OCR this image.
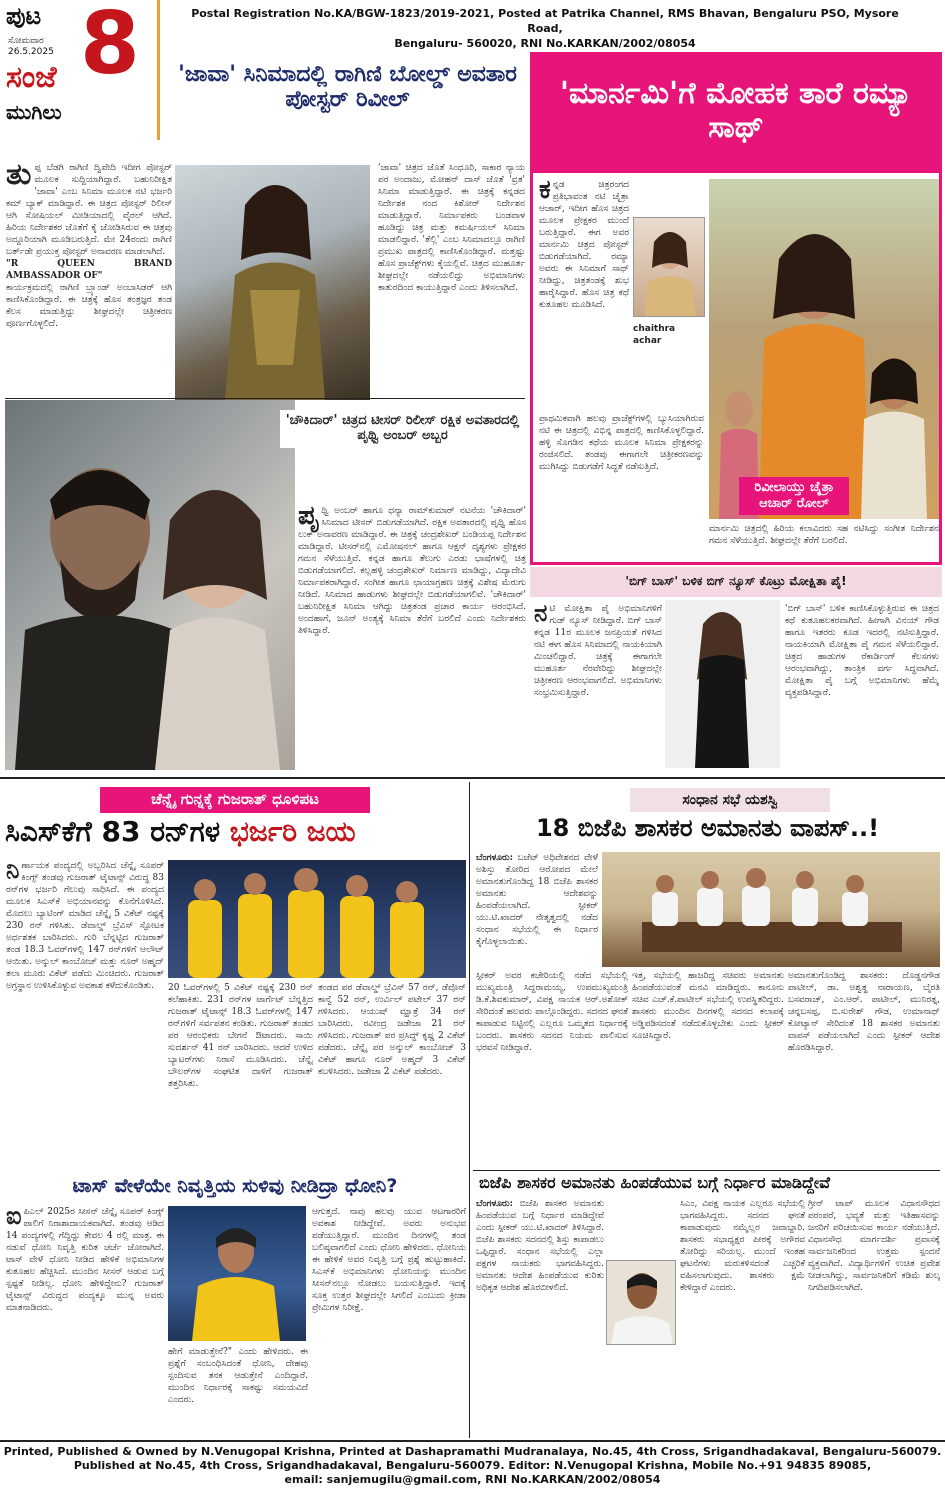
ಪುಟ 8
ಸೋಮವಾರ
26.5.2025
ಸಂಜೆ
ಮುಗಿಲು
Postal Registration No.KA/BGW-1823/2019-2021, Posted at Patrika Channel, RMS Bhavan, Bengaluru PSO, Mysore Road,
Bengaluru- 560020, RNI No.KARKAN/2002/08054
'ಜಾವಾ' ಸಿನಿಮಾದಲ್ಲಿ ರಾಗಿಣಿ ಬೋಲ್ಡ್ ಅವತಾರ ಪೋಸ್ಟರ್ ರಿವೀಲ್
ತು ಪ್ಪ ಬೆಡಗಿ ರಾಗಿಣಿ ದ್ವಿವೇದಿ ಇದೀಗ ಪೋಸ್ಟರ್ ಮೂಲಕ ಸುದ್ದಿಯಾಗಿದ್ದಾರೆ. ಬಹುನಿರೀಕ್ಷಿತ 'ಜಾವಾ' ಎಂಬ ಸಿನಿಮಾ ಮೂಲಕ ನಟಿ ಭರ್ಜರಿ ಕಮ್ ಬ್ಯಾಕ್ ಮಾಡಿದ್ದಾರೆ. ಈ ಚಿತ್ರದ ಪೋಸ್ಟರ್ ರಿಲೀಸ್ ಆಗಿ ಸೋಷಿಯಲ್ ಮೀಡಿಯಾದಲ್ಲಿ ವೈರಲ್ ಆಗಿದೆ. ಹಿರಿಯ ನಿರ್ದೇಶಕರ ಜೊತೆಗೆ ಕೈ ಜೋಡಿಸಿರುವ ಈ ಚಿತ್ರವು ಅದ್ದೂರಿಯಾಗಿ ಮೂಡಿಬರುತ್ತಿದೆ. ಮೇ 24ರಂದು ರಾಗಿಣಿ ಬರ್ತ್‌ಡೇ ಪ್ರಯುಕ್ತ ಪೋಸ್ಟರ್ ಅನಾವರಣ ಮಾಡಲಾಗಿದೆ.
"R QUEEN BRAND AMBASSADOR OF"
ಕಾರ್ಯಕ್ರಮದಲ್ಲಿ ರಾಗಿಣಿ ಬ್ರ್ಯಾಂಡ್ ಅಂಬಾಸಿಡರ್ ಆಗಿ ಕಾಣಿಸಿಕೊಂಡಿದ್ದಾರೆ. ಈ ಚಿತ್ರಕ್ಕೆ ಹೊಸ ತಂತ್ರಜ್ಞರ ತಂಡ ಕೆಲಸ ಮಾಡುತ್ತಿದ್ದು ಶೀಘ್ರದಲ್ಲೇ ಚಿತ್ರೀಕರಣ ಪೂರ್ಣಗೊಳ್ಳಲಿದೆ.
'ಜಾವಾ' ಚಿತ್ರದ ಜೊತೆ ಸಿಂಧೂರಿ, ಸಾಕಾರ ನ್ಯಾಯ ಪರ ಅಂದಾಜು, ಮೋಹನ್ ದಾಸ್ ಜೊತೆ 'ವ್ರತ' ಸಿನಿಮಾ ಮಾಡುತ್ತಿದ್ದಾರೆ. ಈ ಚಿತ್ರಕ್ಕೆ ಕನ್ನಡದ ನಿರ್ದೇಶಕ ನಂದ ಕಿಶೋರ್ ನಿರ್ದೇಶನ ಮಾಡುತ್ತಿದ್ದಾರೆ. ನಿರ್ಮಾಪಕರು ಬಂಡವಾಳ ಹೂಡಿದ್ದು ಚಿತ್ರ ಮತ್ತು ಕಮರ್ಷಿಯಲ್ ಸಿನಿಮಾ ಮಾಡಲಿದ್ದಾರೆ. 'ತೆಲ್ಲಿ' ಎಂಬ ಸಿನಿಮಾದಲ್ಲೂ ರಾಗಿಣಿ ಪ್ರಮುಖ ಪಾತ್ರದಲ್ಲಿ ಕಾಣಿಸಿಕೊಂಡಿದ್ದಾರೆ. ಮತ್ತಷ್ಟು ಹೊಸ ಪ್ರಾಜೆಕ್ಟ್‌ಗಳು ಕೈಯಲ್ಲಿವೆ. ಚಿತ್ರದ ಮುಹೂರ್ತ ಶೀಘ್ರದಲ್ಲೇ ನಡೆಯಲಿದ್ದು ಅಭಿಮಾನಿಗಳು ಕಾತುರದಿಂದ ಕಾಯುತ್ತಿದ್ದಾರೆ ಎಂದು ತಿಳಿಸಲಾಗಿದೆ.
'ಮಾರ್ನಮಿ'ಗೆ ಮೋಹಕ ತಾರೆ ರಮ್ಯಾ ಸಾಥ್
ಕ ನ್ನಡ ಚಿತ್ರರಂಗದ ಪ್ರತಿಭಾವಂತ ನಟಿ ಚೈತ್ರಾ ಆಚಾರ್, ಇದೀಗ ಹೊಸ ಚಿತ್ರದ ಮೂಲಕ ಪ್ರೇಕ್ಷಕರ ಮುಂದೆ ಬರುತ್ತಿದ್ದಾರೆ. ಈಗ ಅವರ ಮಾರ್ನಮಿ ಚಿತ್ರದ ಪೋಸ್ಟರ್ ಬಿಡುಗಡೆಯಾಗಿದೆ. ರಮ್ಯಾ ಅವರು ಈ ಸಿನಿಮಾಗೆ ಸಾಥ್ ನೀಡಿದ್ದು, ಚಿತ್ರತಂಡಕ್ಕೆ ಶುಭ ಹಾರೈಸಿದ್ದಾರೆ. ಹೊಸ ಚಿತ್ರ ಕಥೆ ಕುತೂಹಲ ಮೂಡಿಸಿದೆ.
ರಿವೀಲಾಯ್ತು ಚೈತ್ರಾ ಆಚಾರ್ ರೋಲ್
chaithra achar
ಪ್ರಾಥಮಿಕವಾಗಿ ಹಲವು ಪ್ರಾಜೆಕ್ಟ್‌ಗಳಲ್ಲಿ ಬ್ಯುಸಿಯಾಗಿರುವ ನಟಿ ಈ ಚಿತ್ರದಲ್ಲಿ ವಿಭಿನ್ನ ಪಾತ್ರದಲ್ಲಿ ಕಾಣಿಸಿಕೊಳ್ಳಲಿದ್ದಾರೆ. ಹಳ್ಳಿ ಸೊಗಡಿನ ಕಥೆಯ ಮೂಲಕ ಸಿನಿಮಾ ಪ್ರೇಕ್ಷಕರನ್ನು ರಂಜಿಸಲಿದೆ. ತಂಡವು ಈಗಾಗಲೇ ಚಿತ್ರೀಕರಣವನ್ನು ಮುಗಿಸಿದ್ದು ಬಿಡುಗಡೆಗೆ ಸಿದ್ಧತೆ ನಡೆಸುತ್ತಿದೆ.
ಮಾರ್ನಮಿ ಚಿತ್ರದಲ್ಲಿ ಹಿರಿಯ ಕಲಾವಿದರು ಸಹ ನಟಿಸಿದ್ದು ಸಂಗೀತ ನಿರ್ದೇಶನ ಗಮನ ಸೆಳೆಯುತ್ತಿದೆ. ಶೀಘ್ರದಲ್ಲೇ ತೆರೆಗೆ ಬರಲಿದೆ.
'ಚೌಕಿದಾರ್' ಚಿತ್ರದ ಟೀಸರ್ ರಿಲೀಸ್ ರಕ್ಷಿಕ ಅವತಾರದಲ್ಲಿ ಪೃಥ್ವಿ ಅಂಬರ್ ಅಬ್ಬರ
ಪೃ ಥ್ವಿ ಅಂಬರ್ ಹಾಗೂ ಧನ್ಯಾ ರಾಮ್‌ಕುಮಾರ್ ನಟನೆಯ 'ಚೌಕಿದಾರ್' ಸಿನಿಮಾದ ಟೀಸರ್ ಬಿಡುಗಡೆಯಾಗಿದೆ. ರಕ್ಷಿಕ ಅವತಾರದಲ್ಲಿ ಪೃಥ್ವಿ ಹೊಸ ಲುಕ್ ಅನಾವರಣ ಮಾಡಿದ್ದಾರೆ. ಈ ಚಿತ್ರಕ್ಕೆ ಚಂದ್ರಶೇಖರ್ ಬಂಡಿಯಪ್ಪ ನಿರ್ದೇಶನ ಮಾಡಿದ್ದಾರೆ. ಟೀಸರ್‌ನಲ್ಲಿ ಎಮೋಷನಲ್ ಹಾಗೂ ಆಕ್ಷನ್ ದೃಶ್ಯಗಳು ಪ್ರೇಕ್ಷಕರ ಗಮನ ಸೆಳೆಯುತ್ತಿವೆ. ಕನ್ನಡ ಹಾಗೂ ತೆಲುಗು ಎರಡು ಭಾಷೆಗಳಲ್ಲಿ ಚಿತ್ರ ಬಿಡುಗಡೆಯಾಗಲಿದೆ. ಕಲ್ಲಹಳ್ಳಿ ಚಂದ್ರಶೇಖರ್ ನಿರ್ಮಾಣ ಮಾಡಿದ್ದು, ವಿದ್ಯಾದೇವಿ ನಿರ್ಮಾಪಕರಾಗಿದ್ದಾರೆ. ಸಂಗೀತ ಹಾಗೂ ಛಾಯಾಗ್ರಹಣ ಚಿತ್ರಕ್ಕೆ ವಿಶೇಷ ಮೆರುಗು ನೀಡಿದೆ. ಸಿನಿಮಾದ ಹಾಡುಗಳು ಶೀಘ್ರದಲ್ಲೇ ಬಿಡುಗಡೆಯಾಗಲಿವೆ. 'ಚೌಕಿದಾರ್' ಬಹುನಿರೀಕ್ಷಿತ ಸಿನಿಮಾ ಆಗಿದ್ದು ಚಿತ್ರತಂಡ ಪ್ರಚಾರ ಕಾರ್ಯ ಆರಂಭಿಸಿದೆ. ಅಂದಹಾಗೆ, ಜೂನ್ ಅಂತ್ಯಕ್ಕೆ ಸಿನಿಮಾ ತೆರೆಗೆ ಬರಲಿದೆ ಎಂದು ನಿರ್ದೇಶಕರು ತಿಳಿಸಿದ್ದಾರೆ.
'ಬಿಗ್ ಬಾಸ್' ಬಳಿಕ ಬಿಗ್ ನ್ಯೂಸ್ ಕೊಟ್ರು ಮೋಕ್ಷಿತಾ ಪೈ!
ನ ಟಿ ಮೋಕ್ಷಿತಾ ಪೈ ಅಭಿಮಾನಿಗಳಿಗೆ ಗುಡ್ ನ್ಯೂಸ್ ನೀಡಿದ್ದಾರೆ. ಬಿಗ್ ಬಾಸ್ ಕನ್ನಡ 11ರ ಮೂಲಕ ಜನಪ್ರಿಯತೆ ಗಳಿಸಿದ ನಟಿ ಈಗ ಹೊಸ ಸಿನಿಮಾದಲ್ಲಿ ನಾಯಕಿಯಾಗಿ ಮಿಂಚಲಿದ್ದಾರೆ. ಚಿತ್ರಕ್ಕೆ ಈಗಾಗಲೇ ಮುಹೂರ್ತ ನೆರವೇರಿದ್ದು ಶೀಘ್ರದಲ್ಲೇ ಚಿತ್ರೀಕರಣ ಆರಂಭವಾಗಲಿದೆ. ಅಭಿಮಾನಿಗಳು ಸಂಭ್ರಮಿಸುತ್ತಿದ್ದಾರೆ.
'ಬಿಗ್ ಬಾಸ್' ಬಳಿಕ ಕಾಣಿಸಿಕೊಳ್ಳುತ್ತಿರುವ ಈ ಚಿತ್ರದ ಕಥೆ ಕುತೂಹಲಕರವಾಗಿದೆ. ಹೀಗಾಗಿ ವಿನಯ್ ಗೌಡ ಹಾಗೂ ಇತರರು ಕೂಡ ಇದರಲ್ಲಿ ನಟಿಸುತ್ತಿದ್ದಾರೆ. ನಾಯಕಿಯಾಗಿ ಮೋಕ್ಷಿತಾ ಪೈ ಗಮನ ಸೆಳೆಯಲಿದ್ದಾರೆ. ಚಿತ್ರದ ಹಾಡುಗಳ ರೆಕಾರ್ಡಿಂಗ್ ಕೆಲಸಗಳು ಆರಂಭವಾಗಿದ್ದು, ತಾಂತ್ರಿಕ ವರ್ಗ ಸಿದ್ಧವಾಗಿದೆ. ಮೋಕ್ಷಿತಾ ಪೈ ಬಗ್ಗೆ ಅಭಿಮಾನಿಗಳು ಹೆಮ್ಮೆ ವ್ಯಕ್ತಪಡಿಸಿದ್ದಾರೆ.
ಚೆನ್ನೈ ಗುನ್ನಕ್ಕೆ ಗುಜರಾತ್ ಧೂಳಿಪಟ
ಸಿಎಸ್‌ಕೆಗೆ 83 ರನ್‌ಗಳ ಭರ್ಜರಿ ಜಯ
ನಿ ರ್ಣಾಯಕ ಪಂದ್ಯದಲ್ಲಿ ಅಬ್ಬರಿಸಿದ ಚೆನ್ನೈ ಸೂಪರ್ ಕಿಂಗ್ಸ್ ತಂಡವು ಗುಜರಾತ್ ಟೈಟಾನ್ಸ್ ವಿರುದ್ಧ 83 ರನ್‌ಗಳ ಭರ್ಜರಿ ಗೆಲುವು ಸಾಧಿಸಿದೆ. ಈ ಪಂದ್ಯದ ಮೂಲಕ ಸಿಎಸ್‌ಕೆ ಅಭಿಯಾನವನ್ನು ಕೊನೆಗೊಳಿಸಿದೆ. ಮೊದಲು ಬ್ಯಾಟಿಂಗ್ ಮಾಡಿದ ಚೆನ್ನೈ 5 ವಿಕೆಟ್ ನಷ್ಟಕ್ಕೆ 230 ರನ್ ಗಳಿಸಿತು. ಡೆವಾಲ್ಡ್ ಬ್ರೆವಿಸ್ ಸ್ಫೋಟಕ ಅರ್ಧಶತಕ ಬಾರಿಸಿದರು. ಗುರಿ ಬೆನ್ನಟ್ಟಿದ ಗುಜರಾತ್ ತಂಡ 18.3 ಓವರ್‌ಗಳಲ್ಲಿ 147 ರನ್‌ಗಳಿಗೆ ಆಲೌಟ್ ಆಯಿತು. ಅನ್ಶುಲ್ ಕಾಂಬೋಜ್ ಮತ್ತು ನೂರ್ ಅಹ್ಮದ್ ತಲಾ ಮೂರು ವಿಕೆಟ್ ಪಡೆದು ಮಿಂಚಿದರು. ಗುಜರಾತ್ ಅಗ್ರಸ್ಥಾನ ಉಳಿಸಿಕೊಳ್ಳುವ ಅವಕಾಶ ಕಳೆದುಕೊಂಡಿತು.	20 ಓವರ್‌ಗಳಲ್ಲಿ 5 ವಿಕೆಟ್ ನಷ್ಟಕ್ಕೆ 230 ರನ್ ಕಲೆಹಾಕಿತು. 231 ರನ್‌ಗಳ ಟಾರ್ಗೆಟ್ ಬೆನ್ನತ್ತಿದ ಗುಜರಾತ್ ಟೈಟಾನ್ಸ್ 18.3 ಓವರ್‌ಗಳಲ್ಲಿ 147 ರನ್‌ಗಳಿಗೆ ಸರ್ವಪತನ ಕಂಡಿತು. ಗುಜರಾತ್ ತಂಡದ ಪರ ಆರಂಭಿಕರು ಬೇಗನೆ ಔಟಾದರು. ಸಾಯಿ ಸುದರ್ಶನ್ 41 ರನ್ ಬಾರಿಸಿದರು. ಆದರೆ ಉಳಿದ ಬ್ಯಾಟರ್‌ಗಳು ನಿರಾಸೆ ಮೂಡಿಸಿದರು. ಚೆನ್ನೈ ಬೌಲರ್‌ಗಳ ಸಂಘಟಿತ ದಾಳಿಗೆ ಗುಜರಾತ್ ತತ್ತರಿಸಿತು.
ತಂಡದ ಪರ ಡೆವಾಲ್ಡ್ ಬ್ರೆವಿಸ್ 57 ರನ್, ಡೆವೊನ್ ಕಾನ್ವೆ 52 ರನ್, ಉರ್ವಿಲ್ ಪಟೇಲ್ 37 ರನ್ ಗಳಿಸಿದರು. ಆಯುಷ್ ಮ್ಹಾತ್ರೆ 34 ರನ್ ಬಾರಿಸಿದರು. ರವೀಂದ್ರ ಜಡೇಜಾ 21 ರನ್ ಗಳಿಸಿದರು. ಗುಜರಾತ್ ಪರ ಪ್ರಸಿದ್ಧ್ ಕೃಷ್ಣ 2 ವಿಕೆಟ್ ಪಡೆದರು. ಚೆನ್ನೈ ಪರ ಅನ್ಶುಲ್ ಕಾಂಬೋಜ್ 3 ವಿಕೆಟ್ ಹಾಗೂ ನೂರ್ ಅಹ್ಮದ್ 3 ವಿಕೆಟ್ ಕಬಳಿಸಿದರು. ಜಡೇಜಾ 2 ವಿಕೆಟ್ ಪಡೆದರು.
ಟಾಸ್ ವೇಳೆಯೇ ನಿವೃತ್ತಿಯ ಸುಳಿವು ನೀಡಿದ್ರಾ ಧೋನಿ?
ಐ ಪಿಎಲ್ 2025ರ ಸೀಸನ್ ಚೆನ್ನೈ ಸೂಪರ್ ಕಿಂಗ್ಸ್ ಪಾಲಿಗೆ ನಿರಾಶಾದಾಯಕವಾಗಿದೆ. ತಂಡವು ಆಡಿದ 14 ಪಂದ್ಯಗಳಲ್ಲಿ ಗೆದ್ದಿದ್ದು ಕೇವಲ 4 ರಲ್ಲಿ ಮಾತ್ರ. ಈ ನಡುವೆ ಧೋನಿ ನಿವೃತ್ತಿ ಕುರಿತ ಚರ್ಚೆ ಜೋರಾಗಿದೆ. ಟಾಸ್ ವೇಳೆ ಧೋನಿ ನೀಡಿದ ಹೇಳಿಕೆ ಅಭಿಮಾನಿಗಳ ಕುತೂಹಲ ಹೆಚ್ಚಿಸಿದೆ. ಮುಂದಿನ ಸೀಸನ್ ಆಡುವ ಬಗ್ಗೆ ಸ್ಪಷ್ಟತೆ ನೀಡಿಲ್ಲ. ಧೋನಿ ಹೇಳಿದ್ದೇನು? ಗುಜರಾತ್ ಟೈಟಾನ್ಸ್ ವಿರುದ್ಧದ ಪಂದ್ಯಕ್ಕೂ ಮುನ್ನ ಅವರು ಮಾತನಾಡಿದರು.
ಹೇಗೆ ಮಾಡುತ್ತೇನೆ?" ಎಂದು ಹೇಳಿದರು. ಈ ಪ್ರಶ್ನೆಗೆ ಸಂಬಂಧಿಸಿದಂತೆ ಧೋನಿ, ದೇಹವು ಸ್ಪಂದಿಸುವ ತನಕ ಆಡುತ್ತೇನೆ ಎಂದಿದ್ದಾರೆ. ಮುಂದಿನ ನಿರ್ಧಾರಕ್ಕೆ ಸಾಕಷ್ಟು ಸಮಯವಿದೆ ಎಂದರು.
ಆಗುತ್ತದೆ. ನಾವು ಹಲವು ಯುವ ಆಟಗಾರರಿಗೆ ಅವಕಾಶ ನೀಡಿದ್ದೇವೆ. ಅವರು ಅನುಭವ ಪಡೆಯುತ್ತಿದ್ದಾರೆ. ಮುಂದಿನ ದಿನಗಳಲ್ಲಿ ತಂಡ ಬಲಿಷ್ಠವಾಗಲಿದೆ ಎಂದು ಧೋನಿ ಹೇಳಿದರು. ಧೋನಿಯ ಈ ಹೇಳಿಕೆ ಅವರ ನಿವೃತ್ತಿ ಬಗ್ಗೆ ಪ್ರಶ್ನೆ ಹುಟ್ಟುಹಾಕಿದೆ. ಸಿಎಸ್‌ಕೆ ಅಭಿಮಾನಿಗಳು ಧೋನಿಯನ್ನು ಮುಂದಿನ ಸೀಸನ್‌ನಲ್ಲೂ ನೋಡಲು ಬಯಸುತ್ತಿದ್ದಾರೆ. ಇದಕ್ಕೆ ಸೂಕ್ತ ಉತ್ತರ ಶೀಘ್ರದಲ್ಲೇ ಸಿಗಲಿದೆ ಎಂಬುದು ಕ್ರೀಡಾ ಪ್ರೇಮಿಗಳ ನಿರೀಕ್ಷೆ.
ಸಂಧಾನ ಸಭೆ ಯಶಸ್ವಿ
18 ಬಿಜೆಪಿ ಶಾಸಕರ ಅಮಾನತು ವಾಪಸ್..!
ಬೆಂಗಳೂರು: ಬಜೆಟ್ ಅಧಿವೇಶನದ ವೇಳೆ ಅಶಿಸ್ತು ತೋರಿದ ಆರೋಪದ ಮೇಲೆ ಅಮಾನತುಗೊಂಡಿದ್ದ 18 ಬಿಜೆಪಿ ಶಾಸಕರ ಅಮಾನತು ಆದೇಶವನ್ನು ಹಿಂಪಡೆಯಲಾಗಿದೆ. ಸ್ಪೀಕರ್ ಯು.ಟಿ.ಖಾದರ್ ನೇತೃತ್ವದಲ್ಲಿ ನಡೆದ ಸಂಧಾನ ಸಭೆಯಲ್ಲಿ ಈ ನಿರ್ಧಾರ ಕೈಗೊಳ್ಳಲಾಯಿತು.
ಸ್ಪೀಕರ್ ಅವರ ಕಚೇರಿಯಲ್ಲಿ ನಡೆದ ಸಭೆಯಲ್ಲಿ ಮುಖ್ಯಮಂತ್ರಿ ಸಿದ್ದರಾಮಯ್ಯ, ಉಪಮುಖ್ಯಮಂತ್ರಿ ಡಿ.ಕೆ.ಶಿವಕುಮಾರ್, ವಿಪಕ್ಷ ನಾಯಕ ಆರ್.ಅಶೋಕ್ ಸೇರಿದಂತೆ ಹಲವರು ಪಾಲ್ಗೊಂಡಿದ್ದರು. ಸದನದ ಘನತೆ ಕಾಪಾಡುವ ನಿಟ್ಟಿನಲ್ಲಿ ಎಲ್ಲರೂ ಒಮ್ಮತದ ನಿರ್ಧಾರಕ್ಕೆ ಬಂದರು. ಶಾಸಕರು ಸದನದ ನಿಯಮ ಪಾಲಿಸುವ ಭರವಸೆ ನೀಡಿದ್ದಾರೆ.
ಇತ್ತ, ಸಭೆಯಲ್ಲಿ ಹಾಜರಿದ್ದ ಸಚಿವರು ಅಮಾನತು ಹಿಂಪಡೆಯುವಂತೆ ಮನವಿ ಮಾಡಿದ್ದರು. ಕಾನೂನು ಸಚಿವ ಎಚ್.ಕೆ.ಪಾಟೀಲ್ ಸಭೆಯಲ್ಲಿ ಉಪಸ್ಥಿತರಿದ್ದರು. ಶಾಸಕರು ಮುಂದಿನ ದಿನಗಳಲ್ಲಿ ಸದನದ ಕಲಾಪಕ್ಕೆ ಅಡ್ಡಿಪಡಿಸದಂತೆ ನಡೆದುಕೊಳ್ಳಬೇಕು ಎಂದು ಸ್ಪೀಕರ್ ಸೂಚಿಸಿದ್ದಾರೆ.
ಅಮಾನತುಗೊಂಡಿದ್ದ ಶಾಸಕರು: ದೊಡ್ಡನಗೌಡ ಪಾಟೀಲ್, ಡಾ. ಅಶ್ವತ್ಥ ನಾರಾಯಣ, ಬೈರತಿ ಬಸವರಾಜ್, ಎಂ.ಆರ್. ಪಾಟೀಲ್, ಮುನಿರತ್ನ, ಚನ್ನಬಸಪ್ಪ, ಬಿ.ಸುರೇಶ್ ಗೌಡ, ಉಮಾನಾಥ್ ಕೋಟ್ಯಾನ್ ಸೇರಿದಂತೆ 18 ಶಾಸಕರ ಅಮಾನತು ವಾಪಸ್ ಪಡೆಯಲಾಗಿದೆ ಎಂದು ಸ್ಪೀಕರ್ ಆದೇಶ ಹೊರಡಿಸಿದ್ದಾರೆ.
ಬಿಜೆಪಿ ಶಾಸಕರ ಅಮಾನತು ಹಿಂಪಡೆಯುವ ಬಗ್ಗೆ ನಿರ್ಧಾರ ಮಾಡಿದ್ದೇವೆ
ಬೆಂಗಳೂರು: ಬಿಜೆಪಿ ಶಾಸಕರ ಅಮಾನತು ಹಿಂಪಡೆಯುವ ಬಗ್ಗೆ ನಿರ್ಧಾರ ಮಾಡಿದ್ದೇವೆ ಎಂದು ಸ್ಪೀಕರ್ ಯು.ಟಿ.ಖಾದರ್ ತಿಳಿಸಿದ್ದಾರೆ. ಬಿಜೆಪಿ ಶಾಸಕರು ಸದನದಲ್ಲಿ ಶಿಸ್ತು ಕಾಪಾಡಲು ಒಪ್ಪಿದ್ದಾರೆ. ಸಂಧಾನ ಸಭೆಯಲ್ಲಿ ಎಲ್ಲಾ ಪಕ್ಷಗಳ ನಾಯಕರು ಭಾಗವಹಿಸಿದ್ದರು. ಅಮಾನತು ಆದೇಶ ಹಿಂಪಡೆಯುವ ಕುರಿತು ಅಧಿಕೃತ ಆದೇಶ ಹೊರಬೀಳಲಿದೆ.
ಸಿಎಂ, ವಿಪಕ್ಷ ನಾಯಕ ಎಲ್ಲರೂ ಸಭೆಯಲ್ಲಿ ಭಾಗವಹಿಸಿದ್ದರು. ಸದನದ ಘನತೆ ಕಾಪಾಡುವುದು ನಮ್ಮೆಲ್ಲರ ಜವಾಬ್ದಾರಿ. ಶಾಸಕರು ಸಭಾಧ್ಯಕ್ಷರ ಪೀಠಕ್ಕೆ ಅಗೌರವ ತೋರಿದ್ದು ಸರಿಯಲ್ಲ. ಮುಂದೆ ಇಂತಹ ಘಟನೆಗಳು ಮರುಕಳಿಸದಂತೆ ಎಚ್ಚರಿಕೆ ವಹಿಸಲಾಗುವುದು. ಶಾಸಕರು ಕ್ಷಮೆ ಕೇಳಿದ್ದಾರೆ ಎಂದರು.
ಗ್ರೀನ್ ಟಾಪ್ ಮೂಲಕ ವಿಧಾನಸೌಧದ ಪರಂಪರೆ, ಭವ್ಯತೆ ಮತ್ತು ಇತಿಹಾಸವನ್ನು ಜನರಿಗೆ ಪರಿಚಯಿಸುವ ಕಾರ್ಯ ನಡೆಯುತ್ತಿದೆ. ವಿಧಾನಸೌಧ ಮಾರ್ಗದರ್ಶಿ ಪ್ರವಾಸಕ್ಕೆ ಸಾರ್ವಜನಿಕರಿಂದ ಉತ್ತಮ ಸ್ಪಂದನೆ ವ್ಯಕ್ತವಾಗಿದೆ. ವಿದ್ಯಾರ್ಥಿಗಳಿಗೆ ಉಚಿತ ಪ್ರವೇಶ ನೀಡಲಾಗಿದ್ದು, ಸಾರ್ವಜನಿಕರಿಗೆ ಕಡಿಮೆ ಶುಲ್ಕ ನಿಗದಿಪಡಿಸಲಾಗಿದೆ.
Printed, Published & Owned by N.Venugopal Krishna, Printed at Dashapramathi Mudranalaya, No.45, 4th Cross, Srigandhadakaval, Bengaluru-560079.
Published at No.45, 4th Cross, Srigandhadakaval, Bengaluru-560079. Editor: N.Venugopal Krishna, Mobile No.+91 94835 89085,
email: sanjemugilu@gmail.com, RNI No.KARKAN/2002/08054
